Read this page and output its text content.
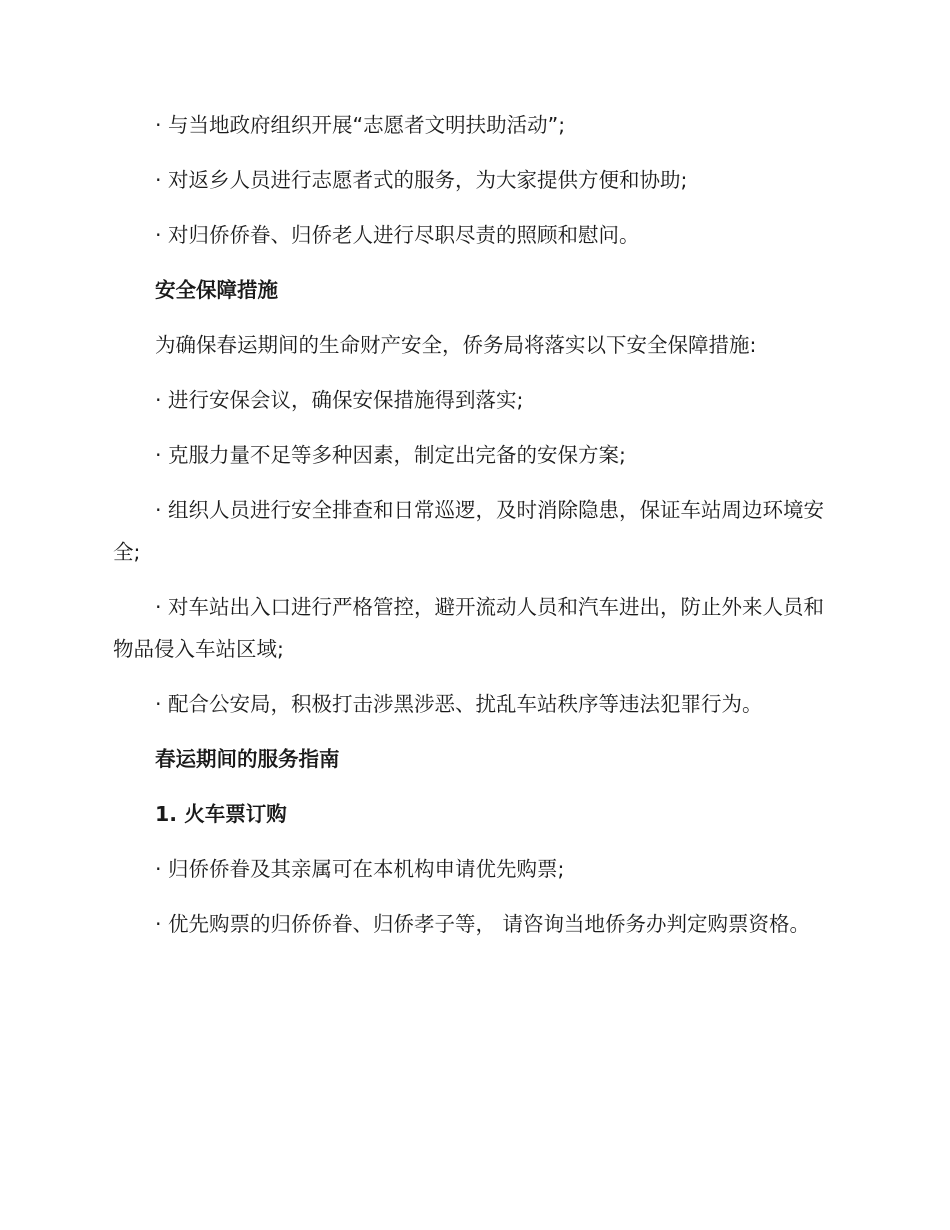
· 与当地政府组织开展“志愿者文明扶助活动”;

· 对返乡人员进行志愿者式的服务，为大家提供方便和协助;

· 对归侨侨眷、归侨老人进行尽职尽责的照顾和慰问。

安全保障措施

为确保春运期间的生命财产安全，侨务局将落实以下安全保障措施:

· 进行安保会议，确保安保措施得到落实;

· 克服力量不足等多种因素，制定出完备的安保方案;

· 组织人员进行安全排查和日常巡逻，及时消除隐患，保证车站周边环境安全;

· 对车站出入口进行严格管控，避开流动人员和汽车进出，防止外来人员和物品侵入车站区域;

· 配合公安局，积极打击涉黑涉恶、扰乱车站秩序等违法犯罪行为。

春运期间的服务指南

1. 火车票订购

· 归侨侨眷及其亲属可在本机构申请优先购票;

· 优先购票的归侨侨眷、归侨孝子等， 请咨询当地侨务办判定购票资格。
